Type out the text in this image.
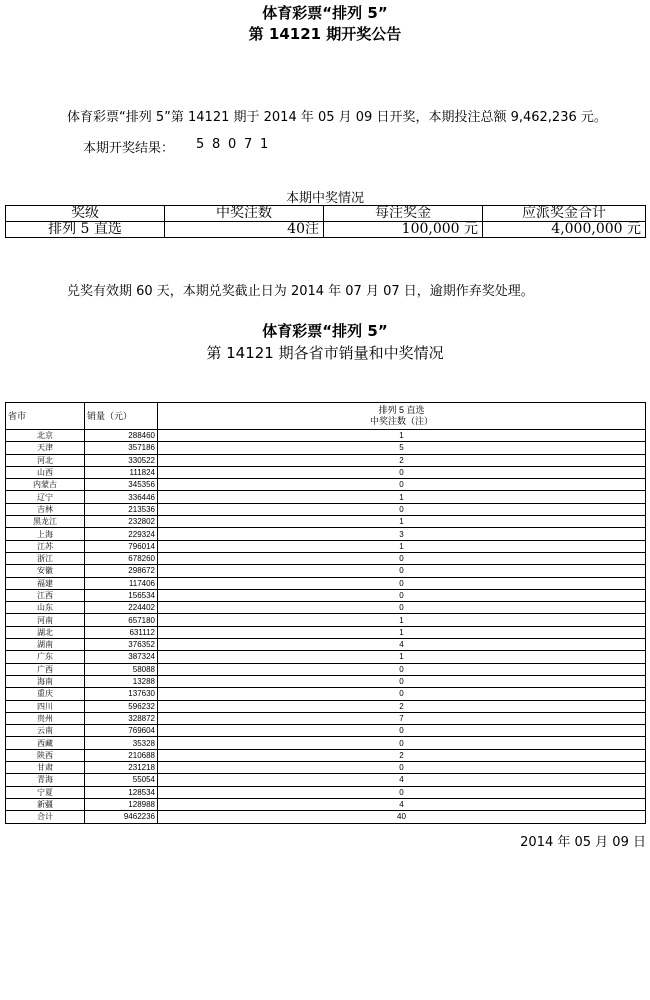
体育彩票“排列 5”
第 14121 期开奖公告
体育彩票“排列 5”第 14121 期于 2014 年 05 月 09 日开奖，本期投注总额 9,462,236 元。
本期开奖结果： 5 8 0 7 1
本期中奖情况
奖级	中奖注数	每注奖金	应派奖金合计
排列 5 直选	40注	100,000 元	4,000,000 元
兑奖有效期 60 天，本期兑奖截止日为 2014 年 07 月 07 日，逾期作弃奖处理。
体育彩票“排列 5”
第 14121 期各省市销量和中奖情况
省市	销量（元）	排列 5 直选
中奖注数（注）

北京	288460	1
天津	357186	5
河北	330522	2
山西	111824	0
内蒙古	345356	0
辽宁	336446	1
吉林	213536	0
黑龙江	232802	1
上海	229324	3
江苏	796014	1
浙江	678260	0
安徽	298672	0
福建	117406	0
江西	156534	0
山东	224402	0
河南	657180	1
湖北	631112	1
湖南	376352	4
广东	387324	1
广西	58088	0
海南	13288	0
重庆	137630	0
四川	596232	2
贵州	328872	7
云南	769604	0
西藏	35328	0
陕西	210688	2
甘肃	231218	0
青海	55054	4
宁夏	128534	0
新疆	128988	4
合计	9462236	40
2014 年 05 月 09 日
